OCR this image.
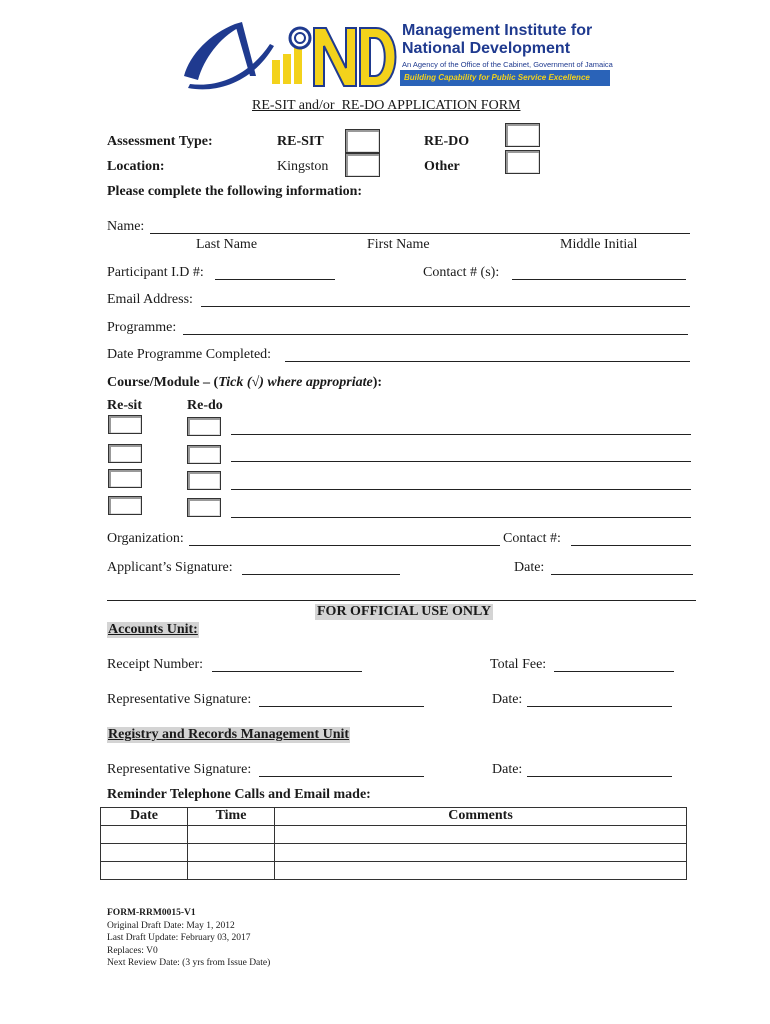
Management Institute for
National Development
An Agency of the Office of the Cabinet, Government of Jamaica
Building Capability for Public Service Excellence
RE-SIT and/or  RE-DO APPLICATION FORM
Assessment Type:	RE-SIT	RE-DO
Location:	Kingston	Other
Please complete the following information:
Name:
Last Name	First Name	Middle Initial
Participant I.D #:	Contact # (s):
Email Address:
Programme:
Date Programme Completed:
Course/Module – (Tick (√) where appropriate):
Re-sit	Re-do
Organization:	Contact #:
Applicant’s Signature:	Date:
FOR OFFICIAL USE ONLY
Accounts Unit:
Receipt Number:	Total Fee:
Representative Signature:	Date:
Registry and Records Management Unit
Representative Signature:	Date:
Reminder Telephone Calls and Email made:
Date	Time	Comments

FORM-RRM0015-V1
Original Draft Date: May 1, 2012
Last Draft Update: February 03, 2017
Replaces: V0
Next Review Date: (3 yrs from Issue Date)
